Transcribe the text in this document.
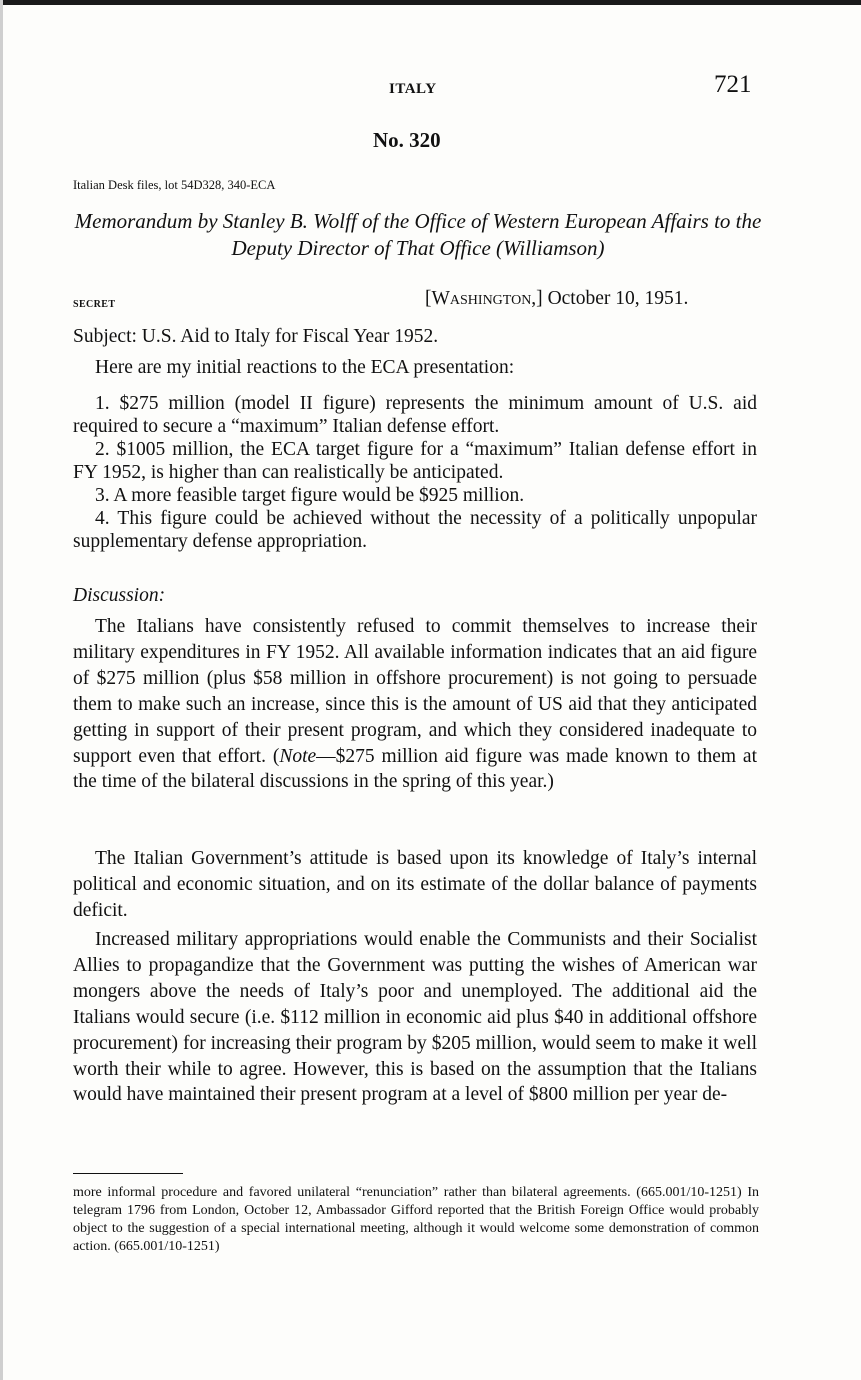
ITALY	721

No. 320

Italian Desk files, lot 54D328, 340-ECA

Memorandum by Stanley B. Wolff of the Office of Western European Affairs to the Deputy Director of That Office (Williamson)

secret	[Washington,] October 10, 1951.

Subject: U.S. Aid to Italy for Fiscal Year 1952.

Here are my initial reactions to the ECA presentation:

1. $275 million (model II figure) represents the minimum amount of U.S. aid required to secure a “maximum” Italian defense effort.

2. $1005 million, the ECA target figure for a “maximum” Italian defense effort in FY 1952, is higher than can realistically be anticipated.

3. A more feasible target figure would be $925 million.

4. This figure could be achieved without the necessity of a politically unpopular supplementary defense appropriation.

Discussion:

The Italians have consistently refused to commit themselves to increase their military expenditures in FY 1952. All available information indicates that an aid figure of $275 million (plus $58 million in offshore procurement) is not going to persuade them to make such an increase, since this is the amount of US aid that they anticipated getting in support of their present program, and which they considered inadequate to support even that effort. (Note—$275 million aid figure was made known to them at the time of the bilateral discussions in the spring of this year.)

The Italian Government’s attitude is based upon its knowledge of Italy’s internal political and economic situation, and on its estimate of the dollar balance of payments deficit.

Increased military appropriations would enable the Communists and their Socialist Allies to propagandize that the Government was putting the wishes of American war mongers above the needs of Italy’s poor and unemployed. The additional aid the Italians would secure (i.e. $112 million in economic aid plus $40 in additional offshore procurement) for increasing their program by $205 million, would seem to make it well worth their while to agree. However, this is based on the assumption that the Italians would have maintained their present program at a level of $800 million per year de-

more informal procedure and favored unilateral “renunciation” rather than bilateral agreements. (665.001/10-1251) In telegram 1796 from London, October 12, Ambassador Gifford reported that the British Foreign Office would probably object to the suggestion of a special international meeting, although it would welcome some demonstration of common action. (665.001/10-1251)
